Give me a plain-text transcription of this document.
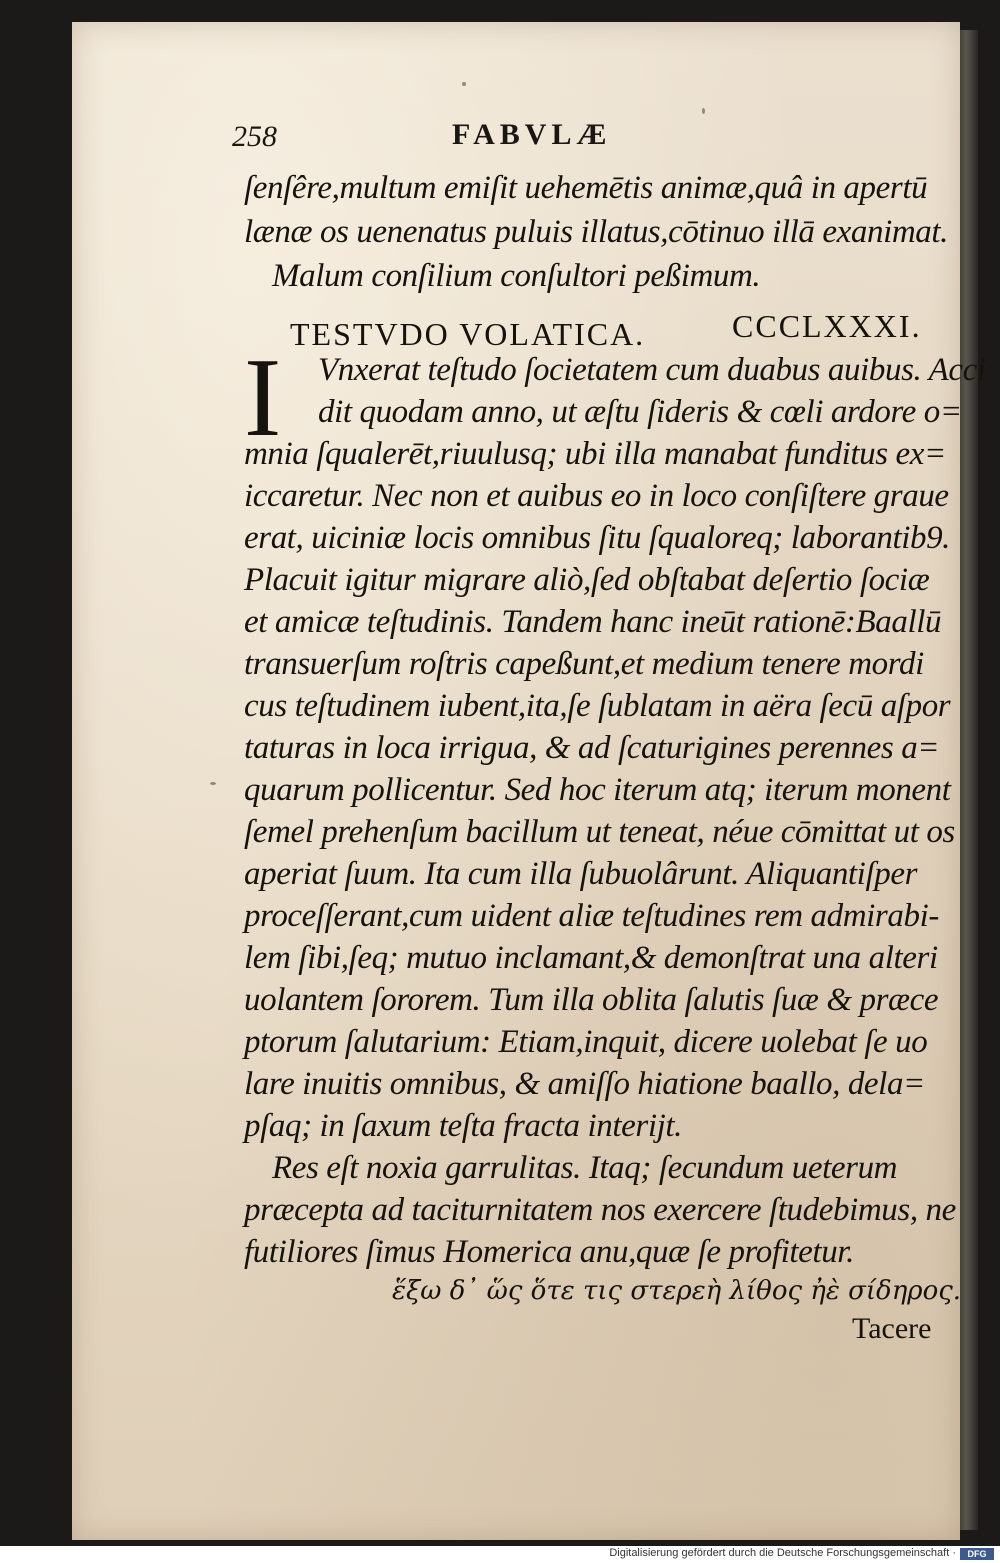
258	FABVLÆ
ſenſêre,multum emiſit uehemētis animæ,quâ in apertū
lænæ os uenenatus puluis illatus,cōtinuo illā exanimat.
Malum conſilium conſultori peßimum.
TESTVDO VOLATICA.	CCCLXXXI.
I Vnxerat teſtudo ſocietatem cum duabus auibus. Acci
dit quodam anno, ut æſtu ſideris & cœli ardore o=
mnia ſqualerēt,riuulusq; ubi illa manabat funditus ex=
iccaretur. Nec non et auibus eo in loco conſiſtere graue
erat, uiciniæ locis omnibus ſitu ſqualoreq; laborantib9.
Placuit igitur migrare aliò,ſed obſtabat deſertio ſociæ
et amicæ teſtudinis. Tandem hanc ineūt rationē:Baallū
transuerſum roſtris capeßunt,et medium tenere mordi
cus teſtudinem iubent,ita,ſe ſublatam in aëra ſecū aſpor
taturas in loca irrigua, & ad ſcaturigines perennes a=
quarum pollicentur. Sed hoc iterum atq; iterum monent
ſemel prehenſum bacillum ut teneat, néue cōmittat ut os
aperiat ſuum. Ita cum illa ſubuolârunt. Aliquantiſper
proceſſerant,cum uident aliæ teſtudines rem admirabi-
lem ſibi,ſeq; mutuo inclamant,& demonſtrat una alteri
uolantem ſororem. Tum illa oblita ſalutis ſuæ & præce
ptorum ſalutarium: Etiam,inquit, dicere uolebat ſe uo
lare inuitis omnibus, & amiſſo hiatione baallo, dela=
pſaq; in ſaxum teſta fracta interijt.
Res eſt noxia garrulitas. Itaq; ſecundum ueterum
præcepta ad taciturnitatem nos exercere ſtudebimus, ne
futiliores ſimus Homerica anu,quæ ſe profitetur.
ἕξω δ᾽ ὥς ὅτε τις στερεὴ λίθος ἠὲ σίδηρος.
Tacere
Digitalisierung gefördert durch die Deutsche Forschungsgemeinschaft ·	DFG
